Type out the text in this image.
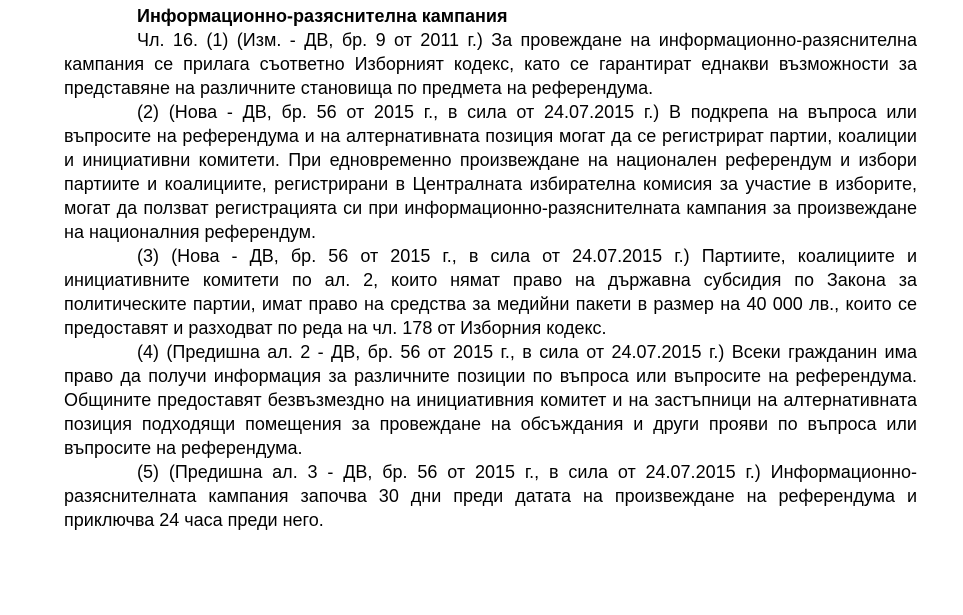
Информационно-разяснителна кампания

Чл. 16. (1) (Изм. - ДВ, бр. 9 от 2011 г.) За провеждане на информационно-разяснителна кампания се прилага съответно Изборният кодекс, като се гарантират еднакви възможности за представяне на различните становища по предмета на референдума.

(2) (Нова - ДВ, бр. 56 от 2015 г., в сила от 24.07.2015 г.) В подкрепа на въпроса или въпросите на референдума и на алтернативната позиция могат да се регистрират партии, коалиции и инициативни комитети. При едновременно произвеждане на национален референдум и избори партиите и коалициите, регистрирани в Централната избирателна комисия за участие в изборите, могат да ползват регистрацията си при информационно-разяснителната кампания за произвеждане на националния референдум.

(3) (Нова - ДВ, бр. 56 от 2015 г., в сила от 24.07.2015 г.) Партиите, коалициите и инициативните комитети по ал. 2, които нямат право на държавна субсидия по Закона за политическите партии, имат право на средства за медийни пакети в размер на 40 000 лв., които се предоставят и разходват по реда на чл. 178 от Изборния кодекс.

(4) (Предишна ал. 2 - ДВ, бр. 56 от 2015 г., в сила от 24.07.2015 г.) Всеки гражданин има право да получи информация за различните позиции по въпроса или въпросите на референдума. Общините предоставят безвъзмездно на инициативния комитет и на застъпници на алтернативната позиция подходящи помещения за провеждане на обсъждания и други прояви по въпроса или въпросите на референдума.

(5) (Предишна ал. 3 - ДВ, бр. 56 от 2015 г., в сила от 24.07.2015 г.) Информационно-разяснителната кампания започва 30 дни преди датата на произвеждане на референдума и приключва 24 часа преди него.
